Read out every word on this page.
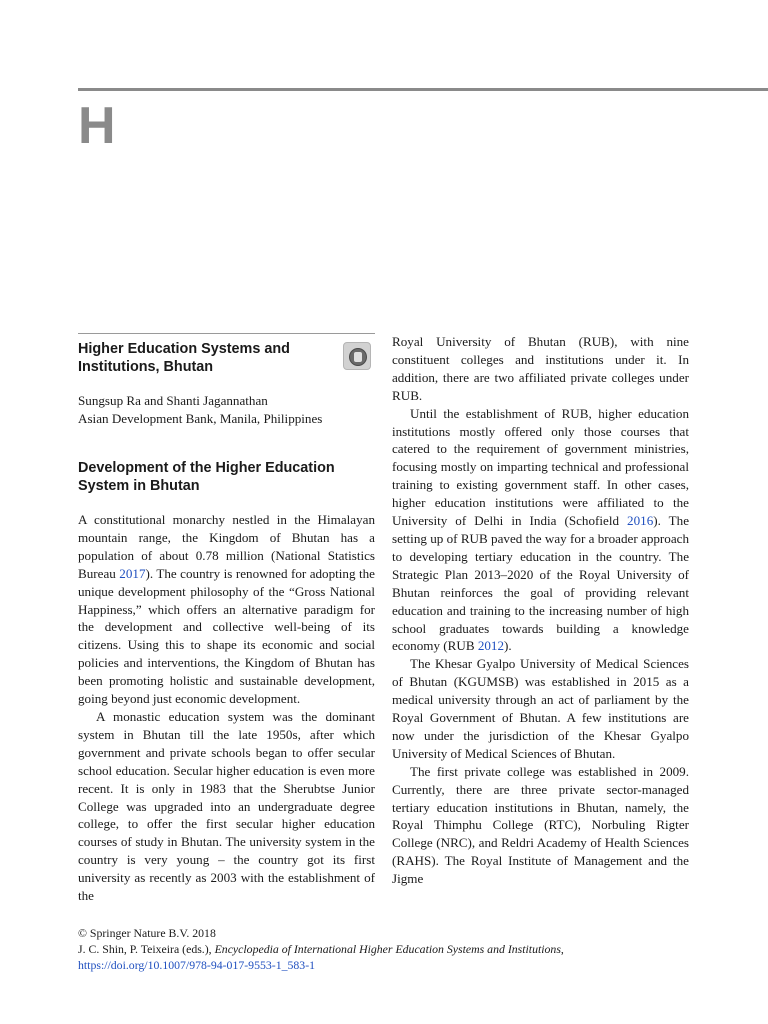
H
Higher Education Systems and Institutions, Bhutan
Sungsup Ra and Shanti Jagannathan
Asian Development Bank, Manila, Philippines
Development of the Higher Education System in Bhutan

A constitutional monarchy nestled in the Himalayan mountain range, the Kingdom of Bhutan has a population of about 0.78 million (National Statistics Bureau 2017). The country is renowned for adopting the unique development philosophy of the “Gross National Happiness,” which offers an alternative paradigm for the development and collective well-being of its citizens. Using this to shape its economic and social policies and interventions, the Kingdom of Bhutan has been promoting holistic and sustainable development, going beyond just economic development.

A monastic education system was the dominant system in Bhutan till the late 1950s, after which government and private schools began to offer secular school education. Secular higher education is even more recent. It is only in 1983 that the Sherubtse Junior College was upgraded into an undergraduate degree college, to offer the first secular higher education courses of study in Bhutan. The university system in the country is very young – the country got its first university as recently as 2003 with the establishment of the

Royal University of Bhutan (RUB), with nine constituent colleges and institutions under it. In addition, there are two affiliated private colleges under RUB.

Until the establishment of RUB, higher education institutions mostly offered only those courses that catered to the requirement of government ministries, focusing mostly on imparting technical and professional training to existing government staff. In other cases, higher education institutions were affiliated to the University of Delhi in India (Schofield 2016). The setting up of RUB paved the way for a broader approach to developing tertiary education in the country. The Strategic Plan 2013–2020 of the Royal University of Bhutan reinforces the goal of providing relevant education and training to the increasing number of high school graduates towards building a knowledge economy (RUB 2012).

The Khesar Gyalpo University of Medical Sciences of Bhutan (KGUMSB) was established in 2015 as a medical university through an act of parliament by the Royal Government of Bhutan. A few institutions are now under the jurisdiction of the Khesar Gyalpo University of Medical Sciences of Bhutan.

The first private college was established in 2009. Currently, there are three private sector-managed tertiary education institutions in Bhutan, namely, the Royal Thimphu College (RTC), Norbuling Rigter College (NRC), and Reldri Academy of Health Sciences (RAHS). The Royal Institute of Management and the Jigme

© Springer Nature B.V. 2018
J. C. Shin, P. Teixeira (eds.), Encyclopedia of International Higher Education Systems and Institutions,
https://doi.org/10.1007/978-94-017-9553-1_583-1
